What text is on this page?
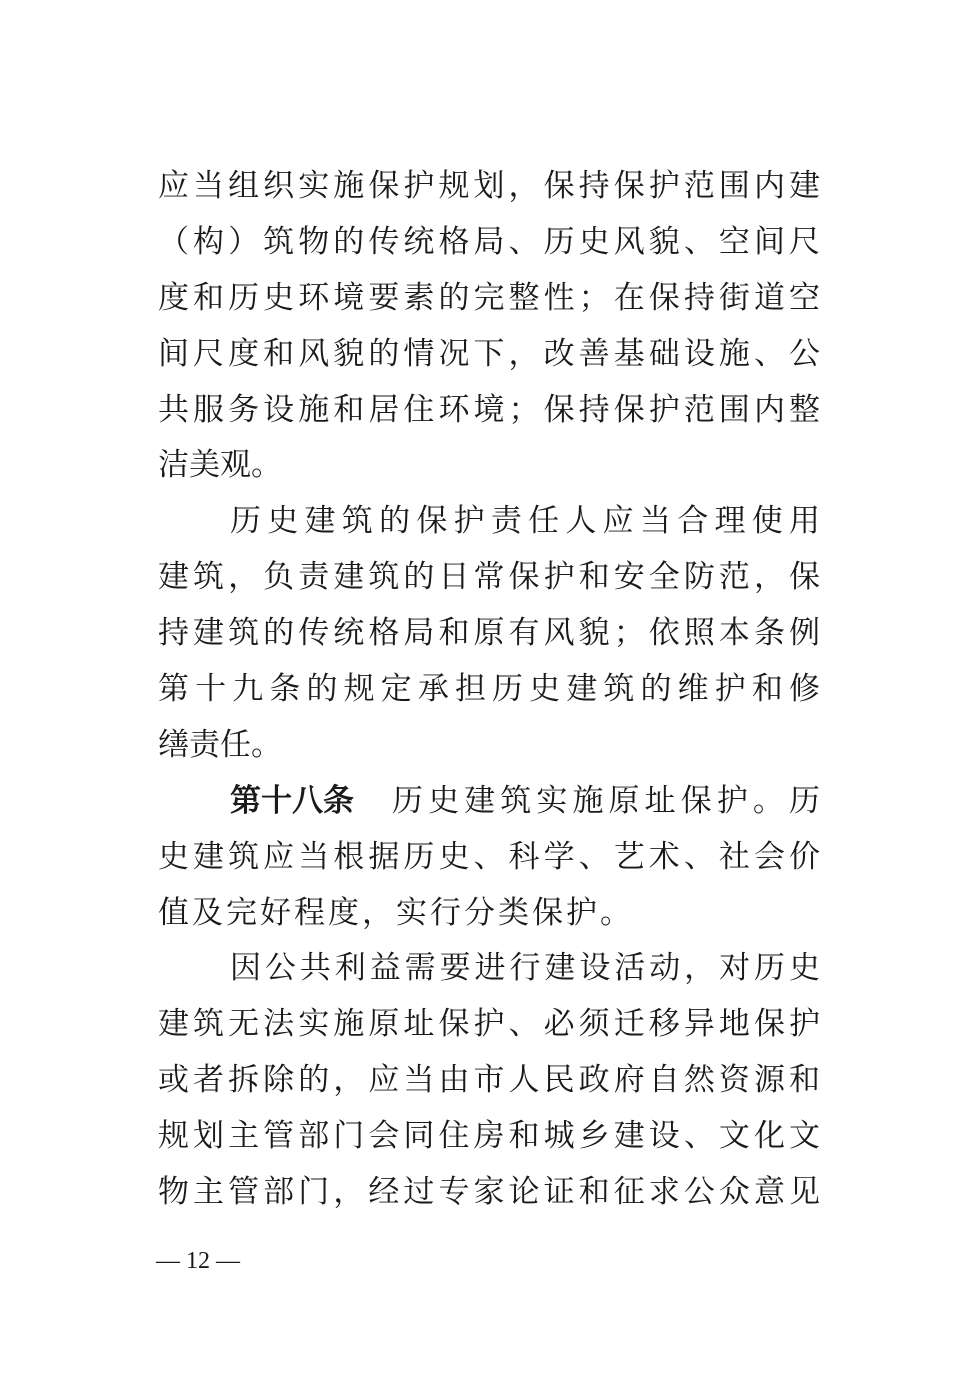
应当组织实施保护规划，保持保护范围内建
（构）筑物的传统格局、历史风貌、空间尺
度和历史环境要素的完整性；在保持街道空
间尺度和风貌的情况下，改善基础设施、公
共服务设施和居住环境；保持保护范围内整
洁美观。
历史建筑的保护责任人应当合理使用
建筑，负责建筑的日常保护和安全防范，保
持建筑的传统格局和原有风貌；依照本条例
第十九条的规定承担历史建筑的维护和修
缮责任。
第十八条 历史建筑实施原址保护。历
史建筑应当根据历史、科学、艺术、社会价
值及完好程度，实行分类保护。
因公共利益需要进行建设活动，对历史
建筑无法实施原址保护、必须迁移异地保护
或者拆除的，应当由市人民政府自然资源和
规划主管部门会同住房和城乡建设、文化文
物主管部门，经过专家论证和征求公众意见
— 12 —
